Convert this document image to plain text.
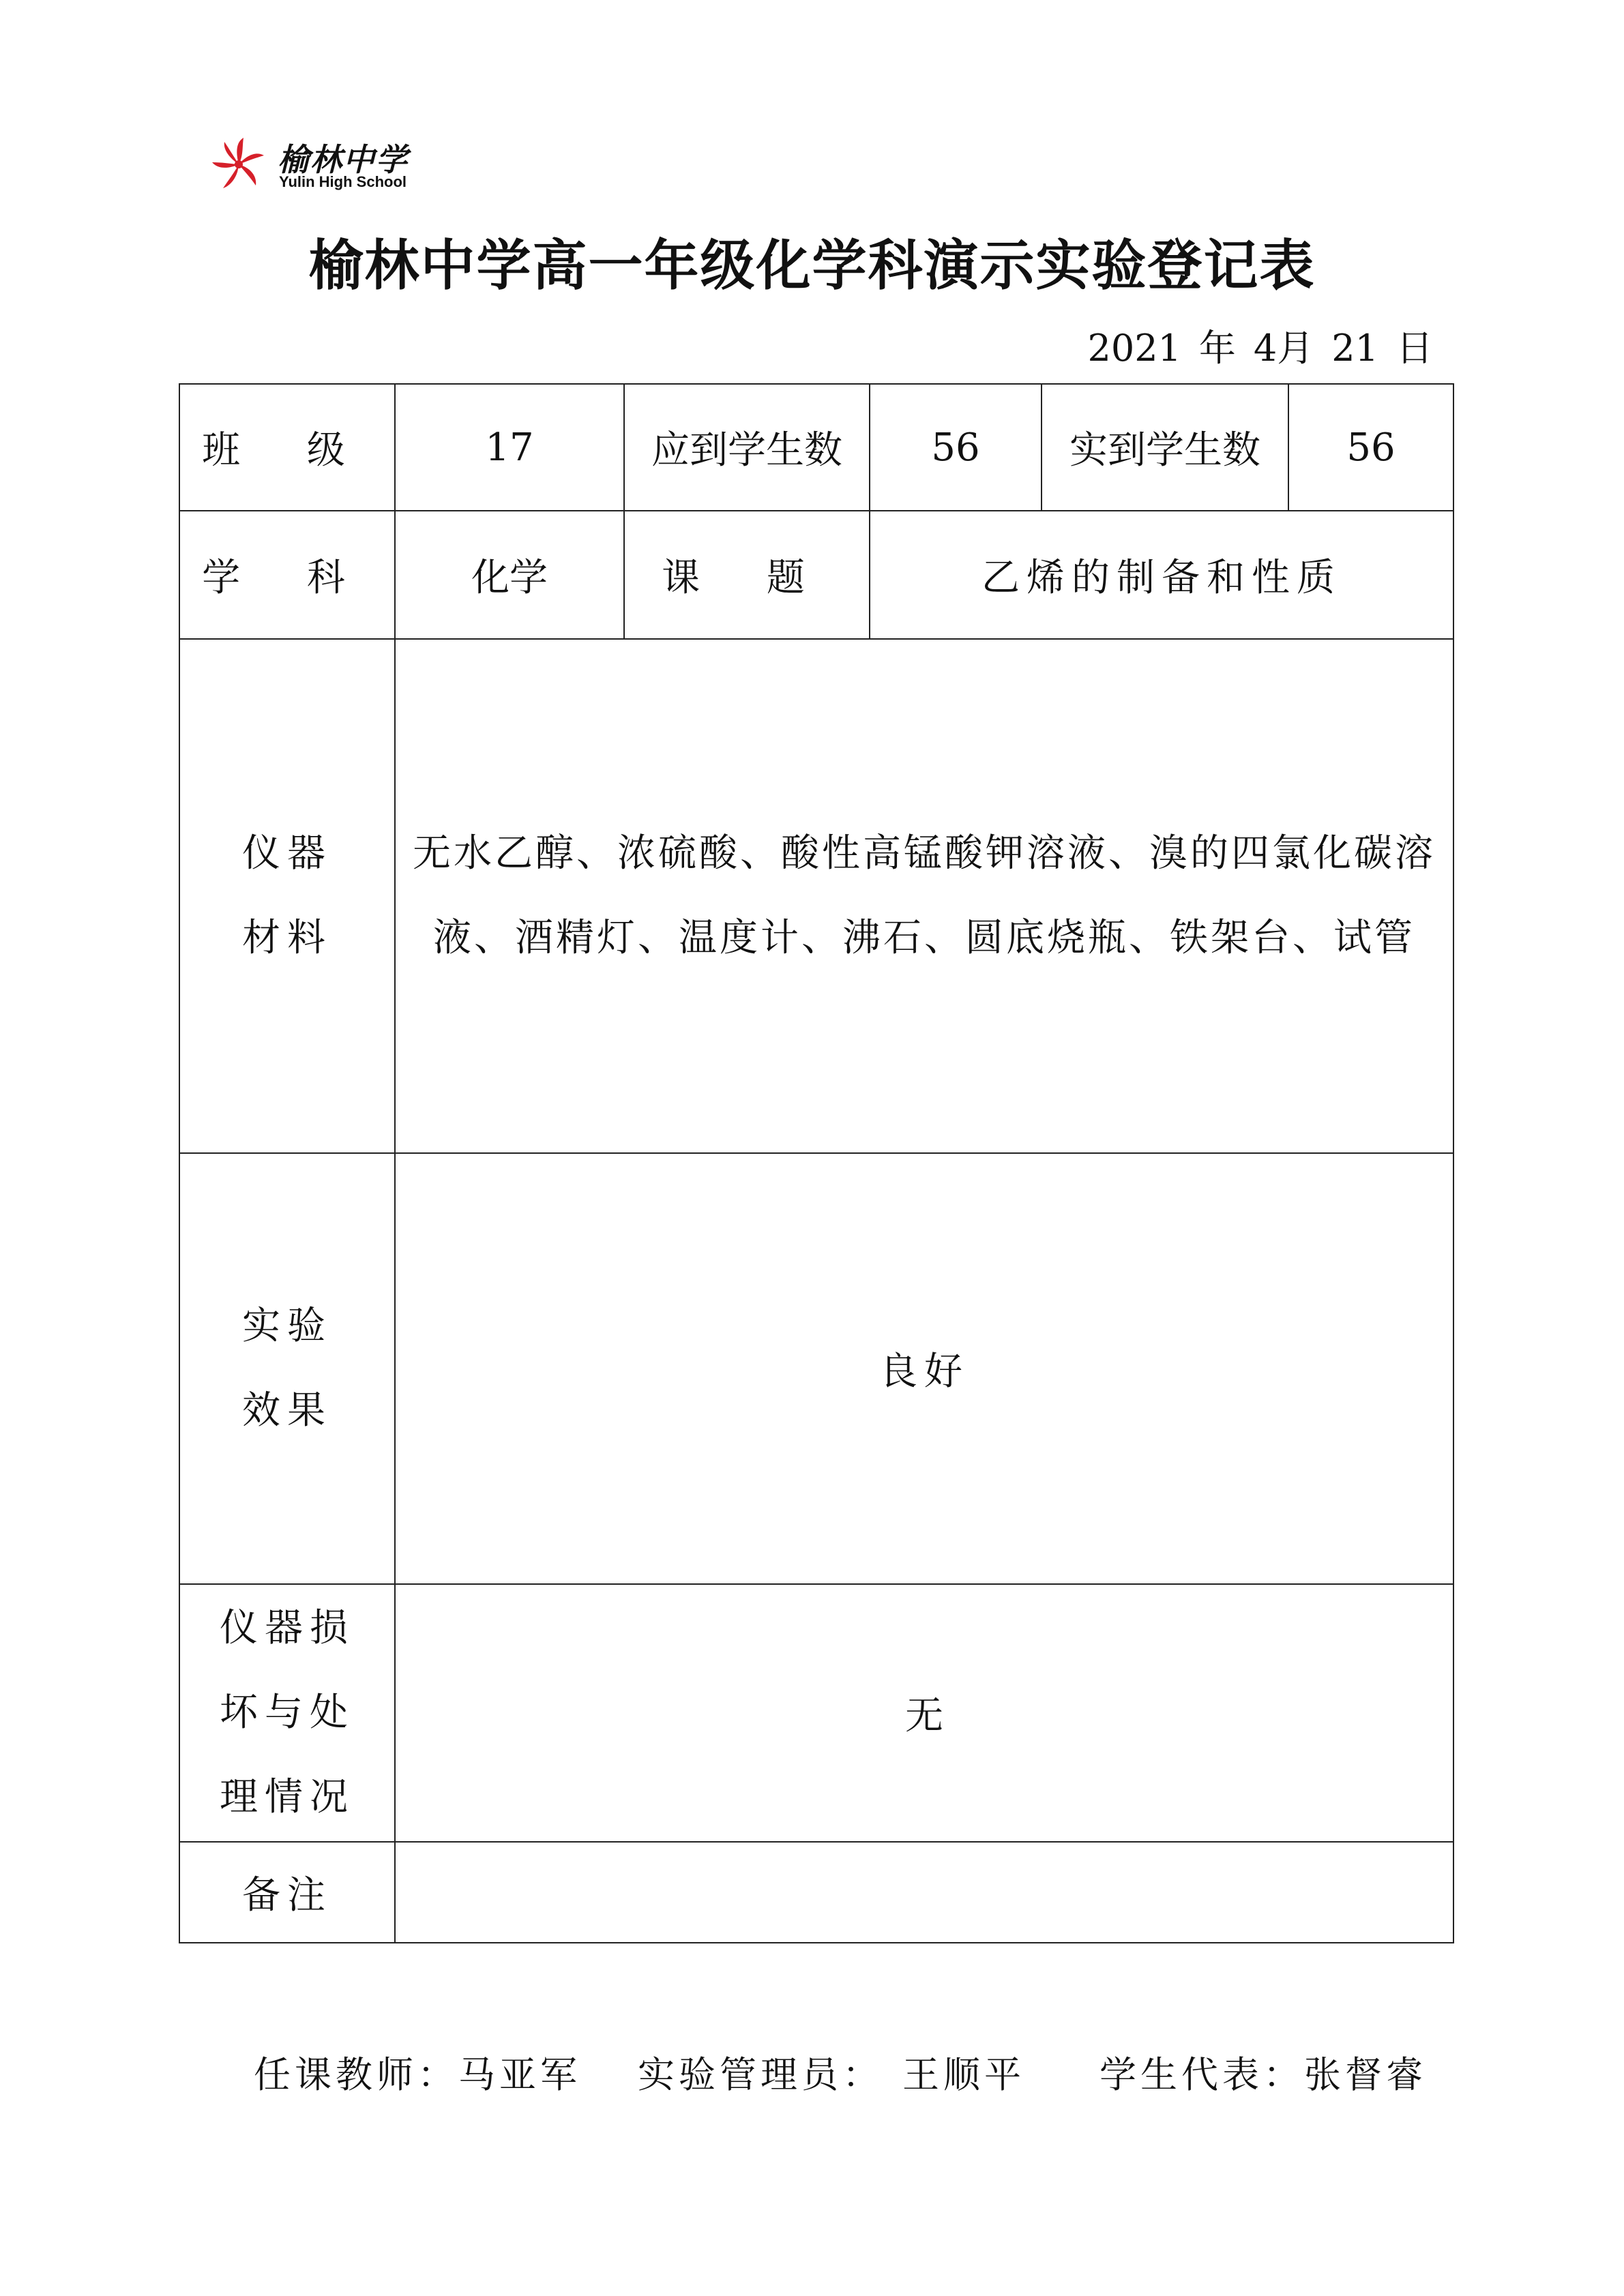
榆林中学
Yulin High School
榆林中学高一年级化学科演示实验登记表
2021 年 4月 21 日
班 级	17	应到学生数	56	实到学生数	56
学 科	化学	课 题	乙烯的制备和性质		

仪器
材料	无水乙醇、浓硫酸、酸性高锰酸钾溶液、溴的四氯化碳溶液、酒精灯、温度计、沸石、圆底烧瓶、铁架台、试管				

实验
效果	良好				

仪器损
坏与处
理情况	无				
备注					
任课教师：马亚军 实验管理员： 王顺平 学生代表：张督睿
